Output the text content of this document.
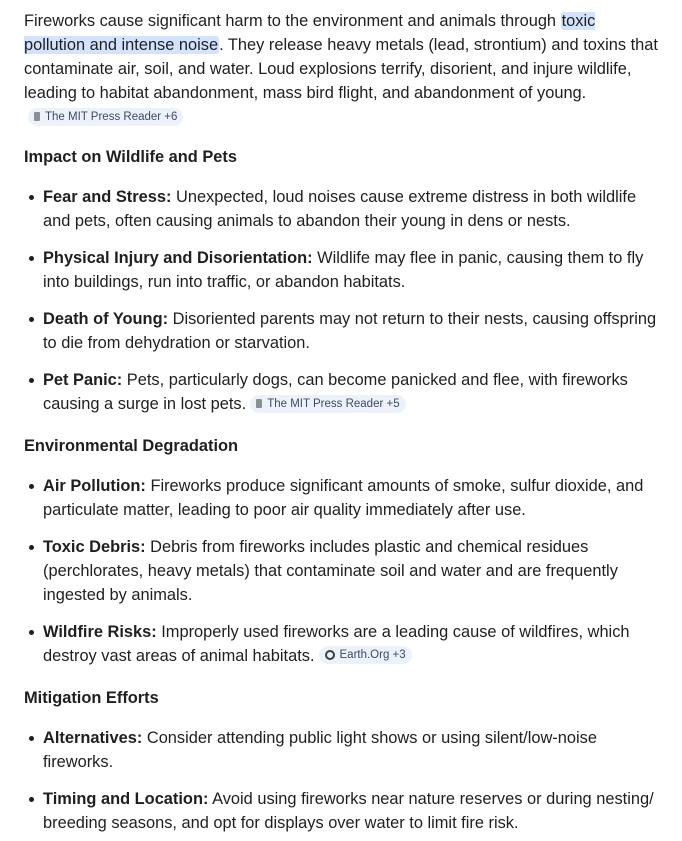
Fireworks cause significant harm to the environment and animals through toxic pollution and intense noise. They release heavy metals (lead, strontium) and toxins that contaminate air, soil, and water. Loud explosions terrify, disorient, and injure wildlife, leading to habitat abandonment, mass bird flight, and abandonment of young.
The MIT Press Reader +6

Impact on Wildlife and Pets
Fear and Stress: Unexpected, loud noises cause extreme distress in both wildlife and pets, often causing animals to abandon their young in dens or nests.
Physical Injury and Disorientation: Wildlife may flee in panic, causing them to fly into buildings, run into traffic, or abandon habitats.
Death of Young: Disoriented parents may not return to their nests, causing offspring to die from dehydration or starvation.
Pet Panic: Pets, particularly dogs, can become panicked and flee, with fireworks causing a surge in lost pets. The MIT Press Reader +5
Environmental Degradation
Air Pollution: Fireworks produce significant amounts of smoke, sulfur dioxide, and particulate matter, leading to poor air quality immediately after use.
Toxic Debris: Debris from fireworks includes plastic and chemical residues (perchlorates, heavy metals) that contaminate soil and water and are frequently ingested by animals.
Wildfire Risks: Improperly used fireworks are a leading cause of wildfires, which destroy vast areas of animal habitats. Earth.Org +3
Mitigation Efforts
Alternatives: Consider attending public light shows or using silent/low-noise fireworks.
Timing and Location: Avoid using fireworks near nature reserves or during nesting/ breeding seasons, and opt for displays over water to limit fire risk.
